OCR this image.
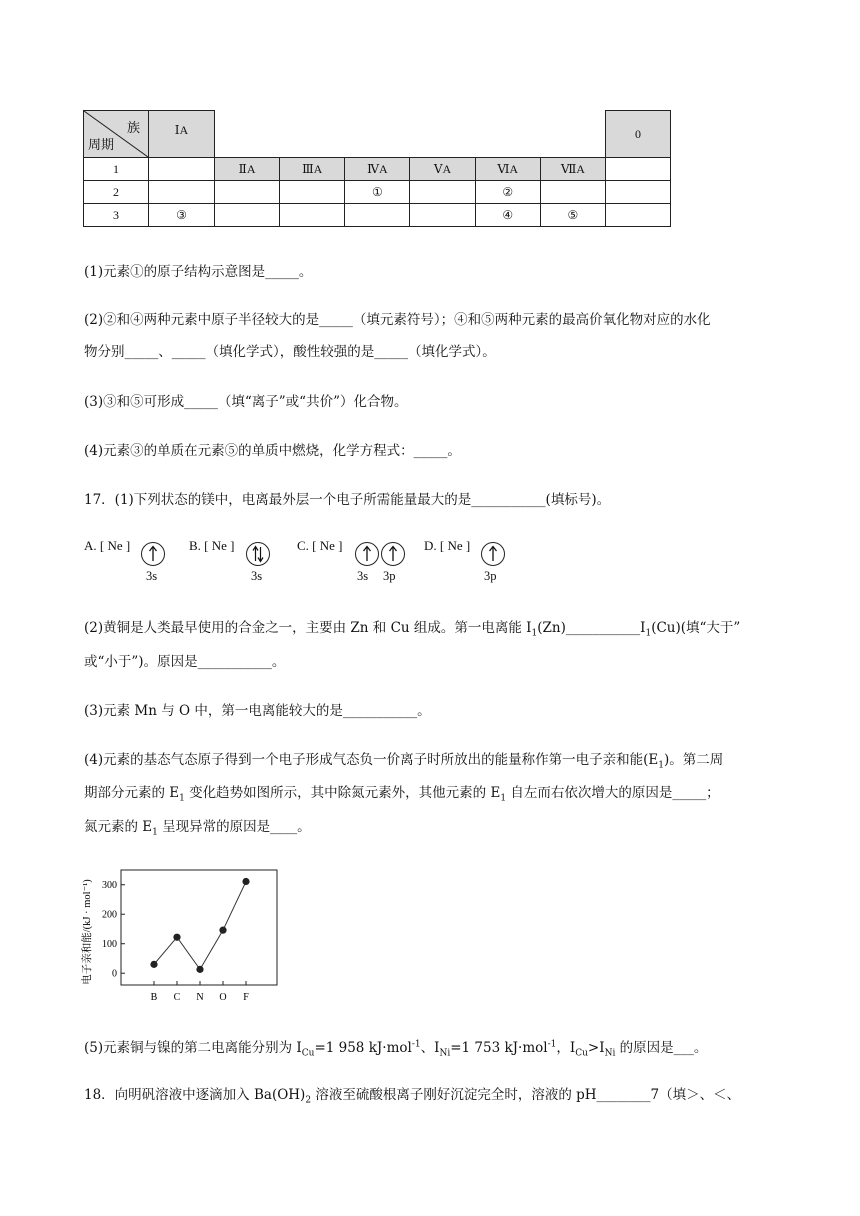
族
周期	ⅠA							0
1		ⅡA	ⅢA	ⅣA	ⅤA	ⅥA	ⅦA	
2				①		②		
3	③					④	⑤	
(1)元素①的原子结构示意图是_____。
(2)②和④两种元素中原子半径较大的是_____（填元素符号）；④和⑤两种元素的最高价氧化物对应的水化
物分别_____、_____（填化学式），酸性较强的是_____（填化学式）。
(3)③和⑤可形成_____（填“离子”或“共价”）化合物。
(4)元素③的单质在元素⑤的单质中燃烧，化学方程式：_____。
17．(1)下列状态的镁中，电离最外层一个电子所需能量最大的是___________(填标号)。
A. [ Ne ]
3s
B. [ Ne ]
3s
C. [ Ne ]
3s 3p
D. [ Ne ]
3p
(2)黄铜是人类最早使用的合金之一，主要由 Zn 和 Cu 组成。第一电离能 $I_1(Zn)\_\_\_\_\_\_\_\_\_\_\_I_1(Cu)$(填“大于”
或“小于”)。原因是___________。
(3)元素 Mn 与 O 中，第一电离能较大的是___________。
(4)元素的基态气态原子得到一个电子形成气态负一价离子时所放出的能量称作第一电子亲和能$(E_1)$。第二周
期部分元素的 $E_1$ 变化趋势如图所示，其中除氮元素外，其他元素的 $E_1$ 自左而右依次增大的原因是_____；
氮元素的 $E_1$ 呈现异常的原因是____。
电子亲和能/(kJ · mol⁻¹) 0
100
200
300
B C N O F
(5)元素铜与镍的第二电离能分别为 $I_{Cu}=1$ 958 kJ·mol$^{-1}$、$I_{Ni}=1$ 753 kJ·mol$^{-1}$，$I_{Cu}>I_{Ni}$ 的原因是___。
18．向明矾溶液中逐滴加入 $Ba(OH)_2$ 溶液至硫酸根离子刚好沉淀完全时，溶液的 pH________7（填＞、＜、
